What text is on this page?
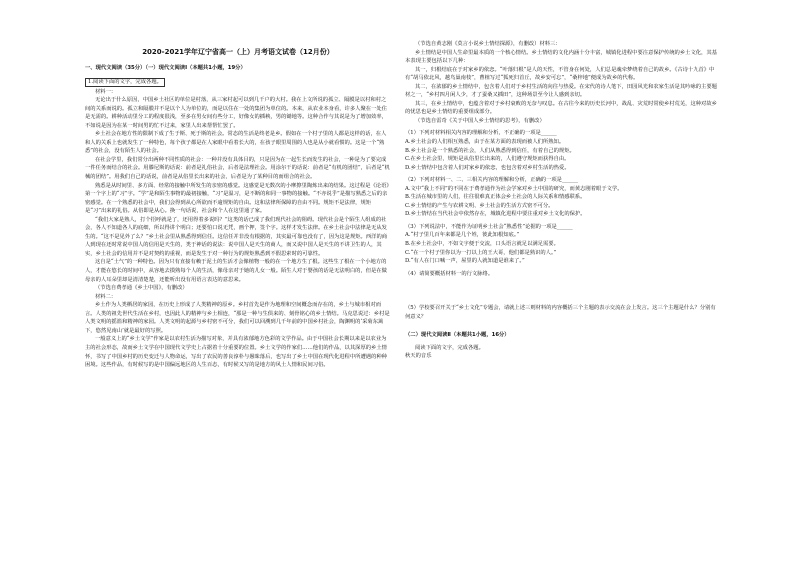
2020-2021学年辽宁省高一（上）月考语文试卷（12月份）

一、现代文阅读（35分）（一）现代文阅读Ⅰ（本题共1小题，19分）

1.阅读下面的文字，完成各题。

材料一：

无论出于什么原因，中国乡土社区的单位是村落，从三家村起可以到几千户的大村。我在上文所说的孤立、隔膜是以村和村之间的关系而说的。孤立和隔膜并不是以个人为单位的，而是以住在一处的集团为单位的。本来，从农业本身看，许多人聚在一处住是无需的。耕种活动里分工的程度很浅，至多在男女间有些分工，好像女的插秧，男的锄地等。这种合作与其说是为了增加效率，不如说是因为在某一时间男的忙不过来，家里人出来帮帮忙罢了。

乡土社会在地方性的限制下成了生于斯、死于斯的社会。常态的生活是终老是乡。假如在一个村子里的人都是这样的话，在人和人的关系上也就发生了一种特色，每个孩子都是在人家眼中看着长大的，在孩子眼里周围的人也是从小就看惯的。这是一个“熟悉”的社会，没有陌生人的社会。

在社会学里，我们常分出两种不同性质的社会：一种并没有具体目的，只是因为在一起生长而发生的社会，一种是为了要完成一件任务而结合的社会。用滕尼斯的话说：前者是礼俗社会，后者是法理社会。用涂尔干的话说：前者是“有机的团结”，后者是“机械的团结”。用我们自己的话说，前者是从俗里长出来的社会，后者是为了某种目的而组合的社会。

熟悉是从时间里、多方面、经常的接触中所发生的亲密的感觉。这感觉是无数次的小摩擦里陶炼出来的结果。这过程是《论语》第一个字上的“习”字。“学”是和陌生事物的最初接触，“习”是温习，是不断的和同一事物的接触。“不亦说乎”是描写熟悉之后的亲密感觉。在一个熟悉的社会中，我们会得到从心所欲而不逾规矩的自由。这和法律所保障的自由不同。规矩不是法律，规矩是“习”出来的礼俗。从俗即是从心。换一句话说，社会和个人在这里通了家。

“我们大家是熟人，打个招呼就是了，还用得着多说吗？”这类的话已成了我们现代社会的阻碍。现代社会是个陌生人组成的社会，各人不知道各人的底细，所以得讲个明白；还要怕口说无凭，画个押，签个字。这样才发生法律。在乡土社会中法律是无从发生的。“这不是见外了么？”乡土社会里从熟悉得到信任。这信任并非没有根据的，其实最可靠也没有了，因为这是规矩。西洋的商人到现在还时常说中国人的信用是天生的，类于神话的说法：说中国人是天生的商人，而又说中国人是天生的不讲卫生的人，其实，乡土社会的信用并不是对契约的重视，而是发生于对一种行为的规矩熟悉到不假思索时的可靠性。

这自是“土气”的一种特色。因为只有直接有赖于泥土的生活才会像植物一般的在一个地方生了根。这些生了根在一个小地方的人，才能在悠长的时间中，从容地去摸熟每个人的生活，像母亲对于她的儿女一般。陌生人对于婴孩的话是无法明白的，但是在做母亲的人耳朵里却是清清楚楚，还能听出没有用语言表达的意思来。

（节选自费孝通《乡土中国》，有删改）

材料二：

乡土作为人类栖居的家园，在历史上形成了人类精神的原乡。乡村首先是作为地理和空间概念而存在的，乡土与城市相对而言。人类的祖先世代生活在乡村，也因此人的精神与乡土相连，“那是一种与生俱来的、刻骨铭心的乡土情结。马克思说过：乡村是人类文明的摇篮和精神的家园。人类文明的起源与乡村密不可分，我们可以回溯到几千年前的中国乡村社会，陶渊明的‘采菊东篱下，悠然见南山’就是最好的写照。

一般意义上的“乡土文学”作家是以农村生活为描写对象，并具有浓郁地方色彩的文学作品。由于中国社会长期以来是以农业为主的社会形态，故而乡土文学在中国现代文学史上占据着十分重要的位置。乡土文学的作家们……他们的作品，以其深厚的乡土情怀，书写了中国乡村的历史变迁与人物命运，写出了农民的善良淳朴与愚昧落后，也写出了乡土中国在现代化进程中所遭遇的种种困境。这些作品，有时候写的是中国偏远地区的人生百态，有时候又写的是地方的风土人情和民间习俗。

（节选自黄志刚《莫言小说乡土情结探源》，有删改）材料三：

乡土情结是中国人生命里最本质的一个核心情结。乡土情结的文化内涵十分丰富，城镇化进程中要注意保护传统的乡土文化，其基本表现主要包括以下几种：

其一，归根结底在于对家乡的依恋。“叶落归根”是人的天性，不管身在何处，人们总是魂牵梦绕着自己的故乡。《古诗十九首》中有“胡马依北风，越鸟巢南枝”，曹植写过“狐死归首丘，故乡安可忘”，“桑梓地”便成为故乡的代称。

其二，在浓郁的乡土情结中，包含着人们对于乡村生活的向往与热爱。在宋代的诗人笔下，田园风光和农家生活是其吟咏的主要题材之一，“乡村四月闲人少，才了蚕桑又插田”，这种场景至今让人感到亲切。

其三，在乡土情结中，也蕴含着对于乡村衰败的无奈与叹息。在古往今来的历史长河中，战乱、灾荒时常使乡村荒芜，这种对故乡的忧思也是乡土情结的重要组成部分。

（节选自雷奇《关于中国人乡土情结的思考》，有删改）

（1）下列对材料相关内容的理解和分析，不正确的一项是______

A.乡土社会的人们相互熟悉，由于在某方面的表现而被人们所熟知。

B.乡土社会是一个熟悉的社会，人们从熟悉得到信任，有着自己的规矩。

C.在乡土社会里，规矩是从俗里长出来的，人们遵守规矩而获得自由。

D.乡土情结中包含着人们对家乡的依恋，也包含着对乡村生活的热爱。

（2）下列对材料一、二、三相关内容的理解和分析，正确的一项是______

A.文中“我上不同”的不同在于费孝通作为社会学家对乡土中国的研究，而黄志刚着眼于文学。

B.生活在城市里的人们，往往很难真正体会乡土社会的人际关系和情感联系。

C.乡土情结的产生与农耕文明、乡土社会的生活方式密不可分。

D.乡土情结在当代社会中依然存在，城镇化进程中要注重对乡土文化的保护。

（3）下列说法中，不能作为证明乡土社会“熟悉性”论据的一项是______

A.“村子里几百年来都是几个姓，彼此知根知底。”

B.在乡土社会中，不如文字便于交流，口头语言就足以满足需要。

C.“在一个村子里你以为一打以上的王大哥，他们都是熟识的人。”

D.“有人在门口喊一声，屋里的人就知道是谁来了。”

（4）请简要概括材料一的行文脉络。

（5）学校要召开关于“乡土文化”专题会，请就上述三则材料的内容概括三个主题的表示交流在会上发言。这三个主题是什么？分别有何意义？

（二）现代文阅读Ⅱ（本题共1小题，16分）

阅读下面的文字，完成各题。

秋天的音乐
